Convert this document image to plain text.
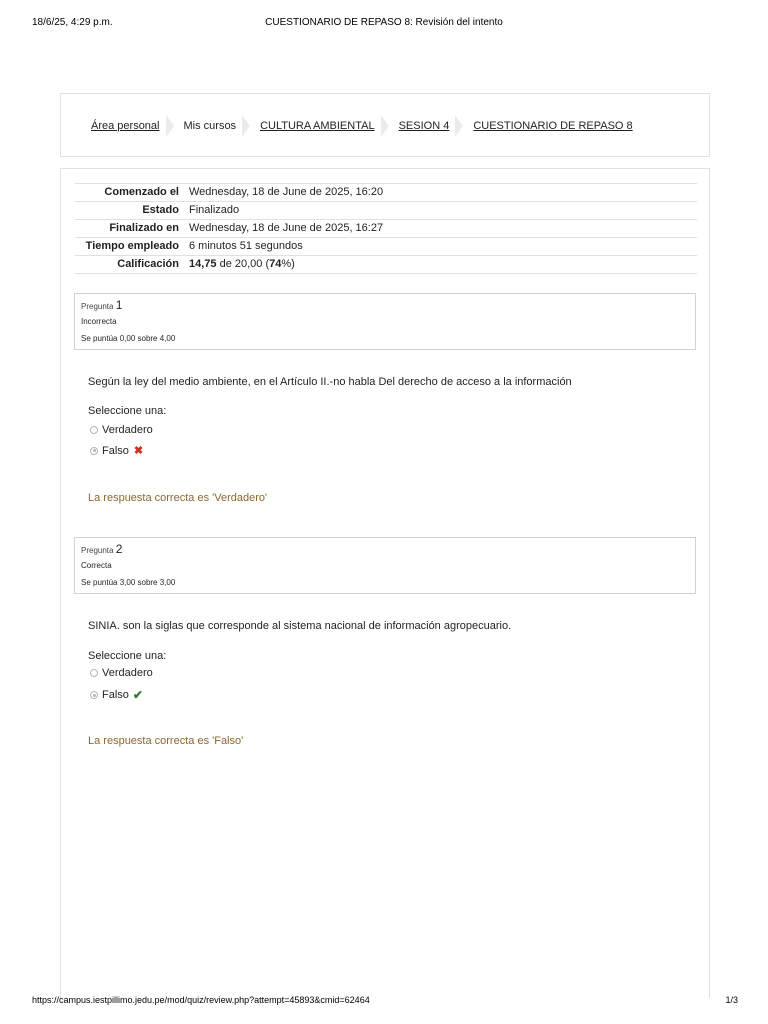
18/6/25, 4:29 p.m.	CUESTIONARIO DE REPASO 8: Revisión del intento
Área personal Mis cursos CULTURA AMBIENTAL SESION 4 CUESTIONARIO DE REPASO 8
Comenzado el	Wednesday, 18 de June de 2025, 16:20
Estado	Finalizado
Finalizado en	Wednesday, 18 de June de 2025, 16:27
Tiempo empleado	6 minutos 51 segundos
Calificación	14,75 de 20,00 (74%)
Pregunta 1
Incorrecta
Se puntúa 0,00 sobre 4,00
Según la ley del medio ambiente, en el Artículo II.-no habla Del derecho de acceso a la información
Seleccione una:
Verdadero
Falso ✖
La respuesta correcta es 'Verdadero'
Pregunta 2
Correcta
Se puntúa 3,00 sobre 3,00
SINIA. son la siglas que corresponde al sistema nacional de información agropecuario.
Seleccione una:
Verdadero
Falso ✔
La respuesta correcta es 'Falso'
https://campus.iestpillimo.jedu.pe/mod/quiz/review.php?attempt=45893&cmid=62464	1/3
